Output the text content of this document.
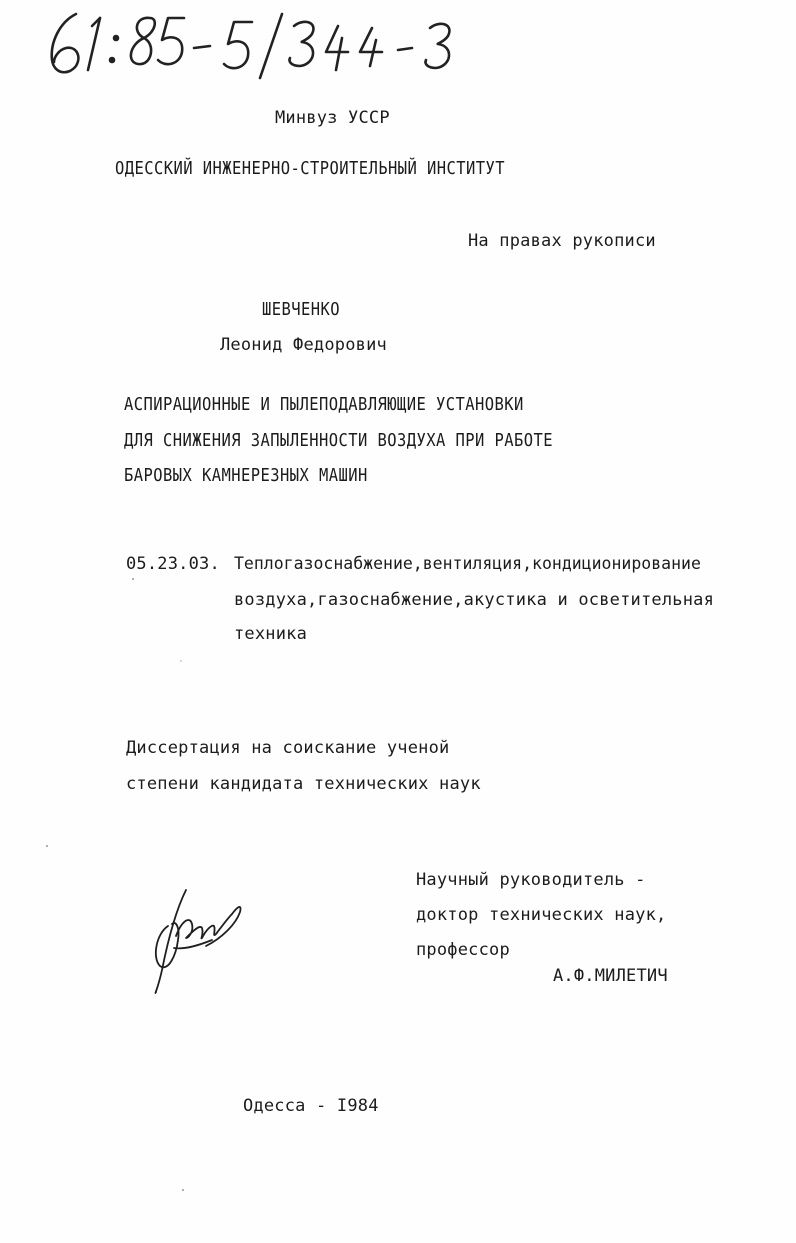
Минвуз УССР
ОДЕССКИЙ ИНЖЕНЕРНО-СТРОИТЕЛЬНЫЙ ИНСТИТУТ
На правах рукописи
ШЕВЧЕНКО
Леонид Федорович
АСПИРАЦИОННЫЕ И ПЫЛЕПОДАВЛЯЮЩИЕ УСТАНОВКИ
ДЛЯ СНИЖЕНИЯ ЗАПЫЛЕННОСТИ ВОЗДУХА ПРИ РАБОТЕ
БАРОВЫХ КАМНЕРЕЗНЫХ МАШИН
05.23.03. Теплогазоснабжение,вентиляция,кондиционирование
воздуха,газоснабжение,акустика и осветительная
техника
Диссертация на соискание ученой
степени кандидата технических наук
Научный руководитель -
доктор технических наук,
профессор
А.Ф.МИЛЕТИЧ
Одесса - I984
